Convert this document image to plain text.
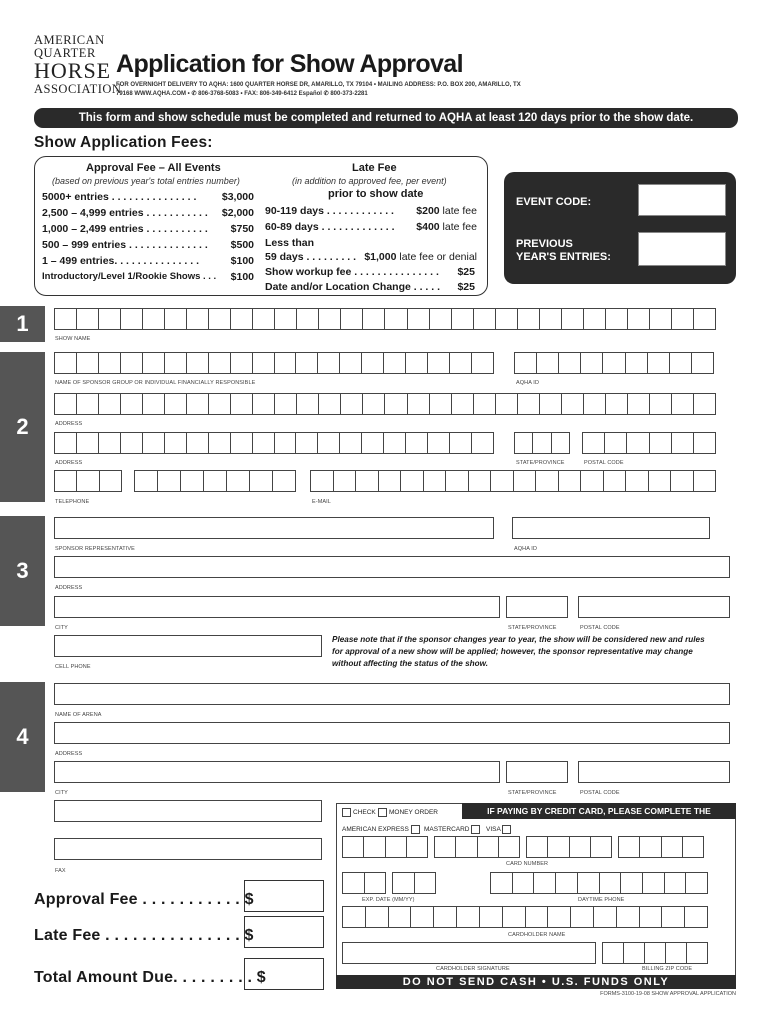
AMERICAN
QUARTER
HORSE
ASSOCIATION
Application for Show Approval
FOR OVERNIGHT DELIVERY TO AQHA: 1600 QUARTER HORSE DR, AMARILLO, TX 79104 • MAILING ADDRESS: P.O. BOX 200, AMARILLO, TX
79168 WWW.AQHA.COM • ✆ 806-3768-5083 • FAX: 806-349-6412 Español ✆ 800-373-2281
This form and show schedule must be completed and returned to AQHA at least 120 days prior to the show date.
Show Application Fees:
Approval Fee – All Events
(based on previous year's total entries number)
5000+ entries . . . . . . . . . . . . . . . $3,000
2,500 – 4,999 entries . . . . . . . . . . . $2,000
1,000 – 2,499 entries . . . . . . . . . . . $750
500 – 999 entries . . . . . . . . . . . . . . $500
1 – 499 entries. . . . . . . . . . . . . . .	$100
Introductory/Level 1/Rookie Shows . . . $100
Late Fee
(in addition to approved fee, per event)
prior to show date
90-119 days . . . . . . . . . . . . $200 late fee
60-89 days . . . . . . . . . . . . . $400 late fee
Less than
59 days . . . . . . . . . $1,000 late fee or denial
Show workup fee . . . . . . . . . . . . . . . $25
Date and/or Location Change . . . . . $25
EVENT CODE:
PREVIOUS
YEAR'S ENTRIES:
1
2
3
4
SHOW NAME
NAME OF SPONSOR GROUP OR INDIVIDUAL FINANCIALLY RESPONSIBLE	AQHA ID
ADDRESS
ADDRESS	STATE/PROVINCE	POSTAL CODE
TELEPHONE	E-MAIL
SPONSOR REPRESENTATIVE	AQHA ID
ADDRESS
CITY	STATE/PROVINCE	POSTAL CODE
CELL PHONE
Please note that if the sponsor changes year to year, the show will be considered new and rules for approval of a new show will be applied; however, the sponsor representative may change without affecting the status of the show.
NAME OF ARENA
ADDRESS
CITY	STATE/PROVINCE	POSTAL CODE
FAX
Approval Fee . . . . . . . . . . . $
Late Fee . . . . . . . . . . . . . . . $
Total Amount Due. . . . . . . . . $
IF PAYING BY CREDIT CARD, PLEASE COMPLETE THE FOLLOWING:
CHECK	MONEY ORDER
AMERICAN EXPRESS	MASTERCARD	VISA
CARD NUMBER
EXP. DATE (MM/YY)	DAYTIME PHONE
CARDHOLDER NAME
CARDHOLDER SIGNATURE	BILLING ZIP CODE
DO NOT SEND CASH • U.S. FUNDS ONLY
FORMS-3100-19-08 SHOW APPROVAL APPLICATION
